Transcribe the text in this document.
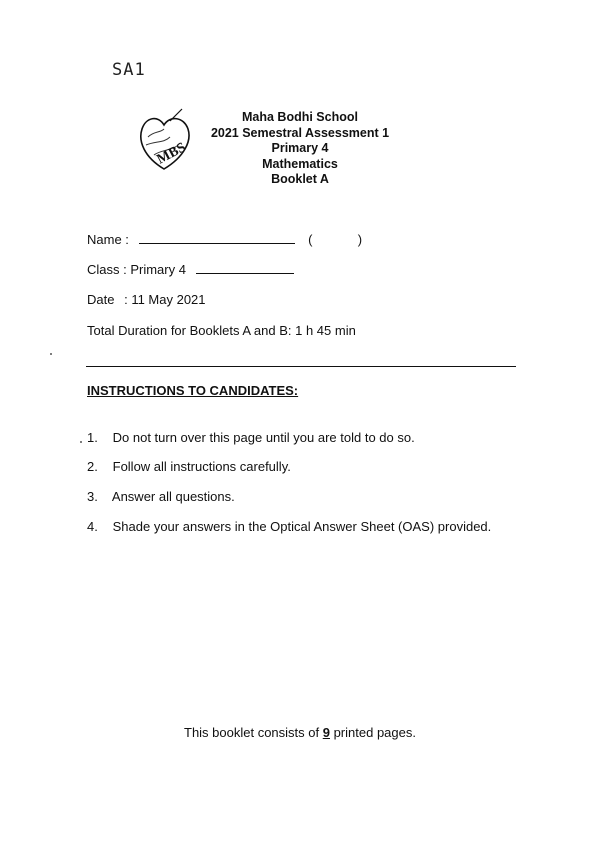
SA1
MBS
Maha Bodhi School
2021 Semestral Assessment 1
Primary 4
Mathematics
Booklet A
Name :	(	)
Class : Primary 4
Date : 11 May 2021
Total Duration for Booklets A and B: 1 h 45 min
INSTRUCTIONS TO CANDIDATES:
1. Do not turn over this page until you are told to do so.
2. Follow all instructions carefully.
3. Answer all questions.
4. Shade your answers in the Optical Answer Sheet (OAS) provided.
This booklet consists of 9 printed pages.
